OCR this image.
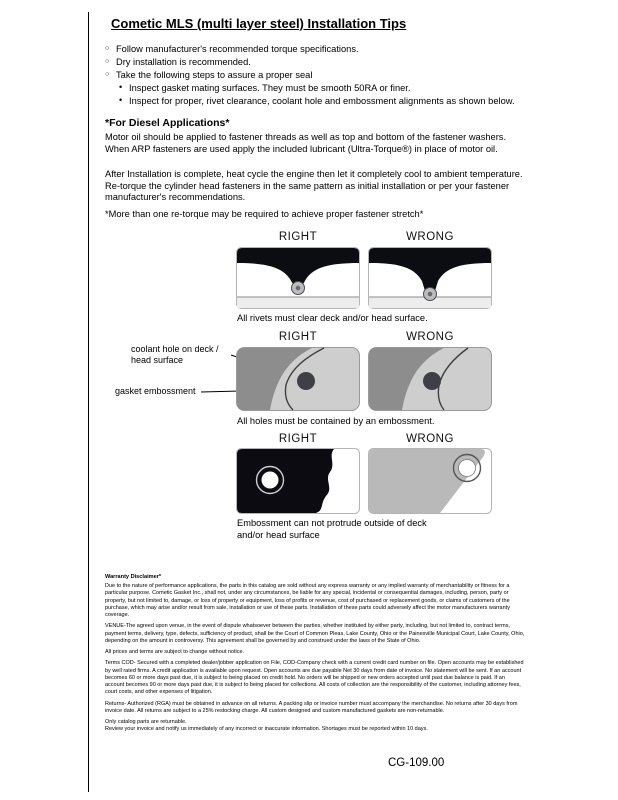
Cometic MLS (multi layer steel) Installation Tips
○ Follow manufacturer's recommended torque specifications.
○ Dry installation is recommended.
○ Take the following steps to assure a proper seal
• Inspect gasket mating surfaces. They must be smooth 50RA or finer.
• Inspect for proper, rivet clearance, coolant hole and embossment alignments as shown below.
*For Diesel Applications*

Motor oil should be applied to fastener threads as well as top and bottom of the fastener washers. When ARP fasteners are used apply the included lubricant (Ultra-Torque®) in place of motor oil.

After Installation is complete, heat cycle the engine then let it completely cool to ambient temperature. Re-torque the cylinder head fasteners in the same pattern as initial installation or per your fastener manufacturer's recommendations.

*More than one re-torque may be required to achieve proper fastener stretch*

RIGHT	WRONG

All rivets must clear deck and/or head surface.

RIGHT	WRONG

coolant hole on deck / head surface

gasket embossment

All holes must be contained by an embossment.

RIGHT	WRONG

Embossment can not protrude outside of deck and/or head surface

Warranty Disclaimer*

Due to the nature of performance applications, the parts in this catalog are sold without any express warranty or any implied warranty of merchantability or fitness for a particular purpose. Cometic Gasket Inc., shall not, under any circumstances, be liable for any special, incidental or consequential damages, including, person, party or property, but not limited to, damage, or loss of property or equipment, loss of profits or revenue, cost of purchased or replacement goods, or claims of customers of the purchase, which may arise and/or result from sale, installation or use of these parts. Installation of these parts could adversely affect the motor manufacturers warranty coverage.

VENUE-The agreed upon venue, in the event of dispute whatsoever between the parties, whether instituted by either party, including, but not limited to, contract terms, payment terms, delivery, type, defects, sufficiency of product, shall be the Court of Common Pleas, Lake County, Ohio or the Painesville Municipal Court, Lake County, Ohio, depending on the amount in controversy. This agreement shall be governed by and construed under the laws of the State of Ohio.

All prices and terms are subject to change without notice.

Terms COD- Secured with a completed dealer/jobber application on File, COD-Company check with a current credit card number on file. Open accounts may be established by well rated firms. A credit application is available upon request. Open accounts are due payable Net 30 days from date of invoice. No statement will be sent. If an account becomes 60 or more days past due, it is subject to being placed on credit hold. No orders will be shipped or new orders accepted until past due balance is paid. If an account becomes 90 or more days past due, it is subject to being placed for collections. All costs of collection are the responsibility of the customer, including attorney fees, court costs, and other expenses of litigation.

Returns- Authorized (RGA) must be obtained in advance on all returns. A packing slip or invoice number must accompany the merchandise. No returns after 30 days from invoice date. All returns are subject to a 25% restocking charge. All custom designed and custom manufactured gaskets are non-returnable.

Only catalog parts are returnable.

Review your invoice and notify us immediately of any incorrect or inaccurate information. Shortages must be reported within 10 days.

CG-109.00
